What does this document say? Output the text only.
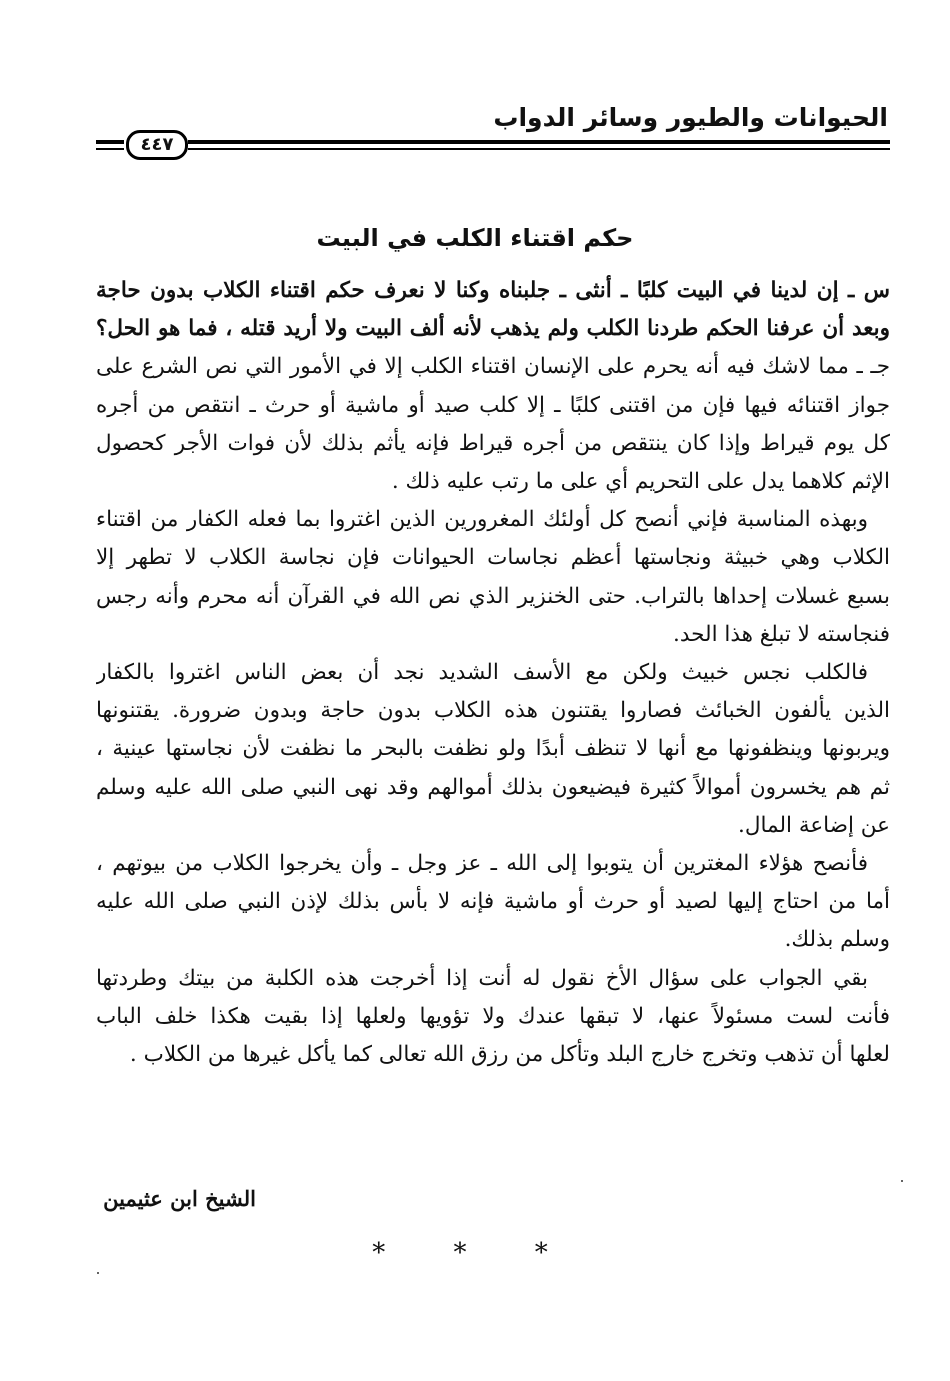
الحيوانات والطيور وسائر الدواب
٤٤٧
حكم اقتناء الكلب في البيت
س ـ إن لدينا في البيت كلبًا ـ أنثى ـ جلبناه وكنا لا نعرف حكم اقتناء الكلاب بدون حاجة
وبعد أن عرفنا الحكم طردنا الكلب ولم يذهب لأنه ألف البيت ولا أريد قتله ، فما هو الحل؟
جـ ـ مما لاشك فيه أنه يحرم على الإنسان اقتناء الكلب إلا في الأمور التي نص الشرع على
جواز اقتنائه فيها فإن من اقتنى كلبًا ـ إلا كلب صيد أو ماشية أو حرث ـ انتقص من أجره
كل يوم قيراط وإذا كان ينتقص من أجره قيراط فإنه يأثم بذلك لأن فوات الأجر كحصول
الإثم كلاهما يدل على التحريم أي على ما رتب عليه ذلك .
وبهذه المناسبة فإني أنصح كل أولئك المغرورين الذين اغتروا بما فعله الكفار من اقتناء
الكلاب وهي خبيثة ونجاستها أعظم نجاسات الحيوانات فإن نجاسة الكلاب لا تطهر إلا
بسبع غسلات إحداها بالتراب. حتى الخنزير الذي نص الله في القرآن أنه محرم وأنه رجس
فنجاسته لا تبلغ هذا الحد.
فالكلب نجس خبيث ولكن مع الأسف الشديد نجد أن بعض الناس اغتروا بالكفار
الذين يألفون الخبائث فصاروا يقتنون هذه الكلاب بدون حاجة وبدون ضرورة. يقتنونها
ويربونها وينظفونها مع أنها لا تنظف أبدًا ولو نظفت بالبحر ما نظفت لأن نجاستها عينية ،
ثم هم يخسرون أموالاً كثيرة فيضيعون بذلك أموالهم وقد نهى النبي صلى الله عليه وسلم
عن إضاعة المال.
فأنصح هؤلاء المغترين أن يتوبوا إلى الله ـ عز وجل ـ وأن يخرجوا الكلاب من بيوتهم ،
أما من احتاج إليها لصيد أو حرث أو ماشية فإنه لا بأس بذلك لإذن النبي صلى الله عليه
وسلم بذلك.
بقي الجواب على سؤال الأخ نقول له أنت إذا أخرجت هذه الكلبة من بيتك وطردتها
فأنت لست مسئولاً عنها، لا تبقها عندك ولا تؤويها ولعلها إذا بقيت هكذا خلف الباب
لعلها أن تذهب وتخرج خارج البلد وتأكل من رزق الله تعالى كما يأكل غيرها من الكلاب .
الشيخ ابن عثيمين
* * *
